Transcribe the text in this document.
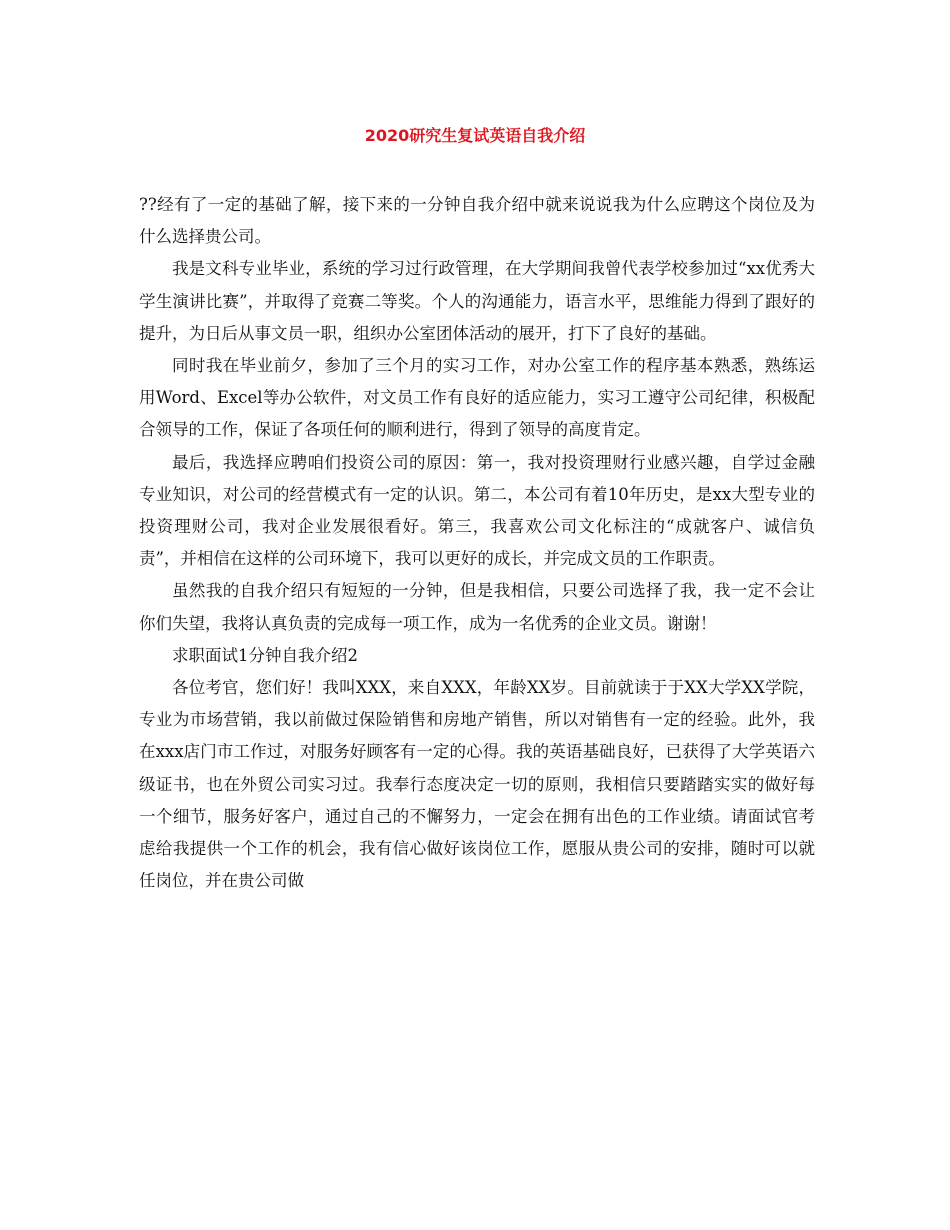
2020研究生复试英语自我介绍

??经有了一定的基础了解，接下来的一分钟自我介绍中就来说说我为什么应聘这个岗位及为什么选择贵公司。

我是文科专业毕业，系统的学习过行政管理，在大学期间我曾代表学校参加过“xx优秀大学生演讲比赛”，并取得了竞赛二等奖。个人的沟通能力，语言水平，思维能力得到了跟好的提升，为日后从事文员一职，组织办公室团体活动的展开，打下了良好的基础。

同时我在毕业前夕，参加了三个月的实习工作，对办公室工作的程序基本熟悉，熟练运用Word、Excel等办公软件，对文员工作有良好的适应能力，实习工遵守公司纪律，积极配合领导的工作，保证了各项任何的顺利进行，得到了领导的高度肯定。

最后，我选择应聘咱们投资公司的原因：第一，我对投资理财行业感兴趣，自学过金融专业知识，对公司的经营模式有一定的认识。第二，本公司有着10年历史，是xx大型专业的投资理财公司，我对企业发展很看好。第三，我喜欢公司文化标注的“成就客户、诚信负责”，并相信在这样的公司环境下，我可以更好的成长，并完成文员的工作职责。

虽然我的自我介绍只有短短的一分钟，但是我相信，只要公司选择了我，我一定不会让你们失望，我将认真负责的完成每一项工作，成为一名优秀的企业文员。谢谢！

求职面试1分钟自我介绍2

各位考官，您们好！我叫XXX，来自XXX，年龄XX岁。目前就读于于XX大学XX学院，专业为市场营销，我以前做过保险销售和房地产销售，所以对销售有一定的经验。此外，我在xxx店门市工作过，对服务好顾客有一定的心得。我的英语基础良好，已获得了大学英语六级证书，也在外贸公司实习过。我奉行态度决定一切的原则，我相信只要踏踏实实的做好每一个细节，服务好客户，通过自己的不懈努力，一定会在拥有出色的工作业绩。请面试官考虑给我提供一个工作的机会，我有信心做好该岗位工作，愿服从贵公司的安排，随时可以就任岗位，并在贵公司做
